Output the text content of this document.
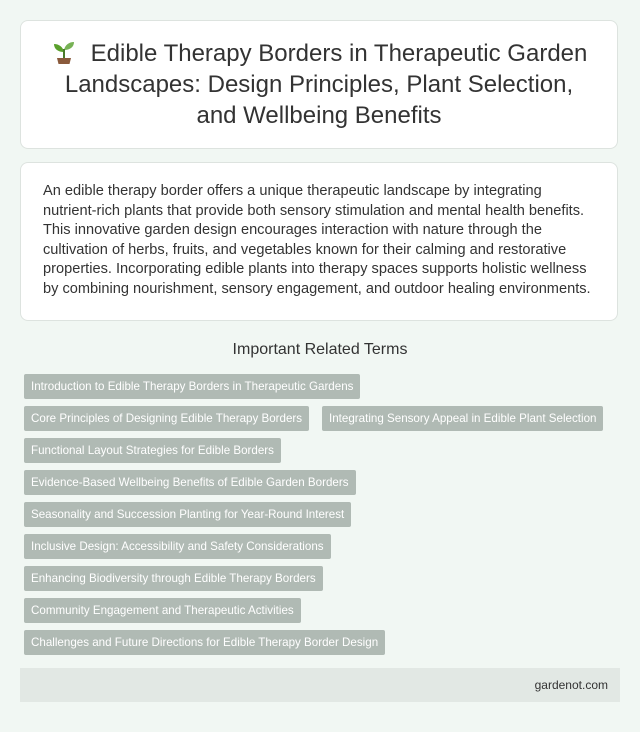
Edible Therapy Borders in Therapeutic Garden Landscapes: Design Principles, Plant Selection, and Wellbeing Benefits

An edible therapy border offers a unique therapeutic landscape by integrating nutrient-rich plants that provide both sensory stimulation and mental health benefits. This innovative garden design encourages interaction with nature through the cultivation of herbs, fruits, and vegetables known for their calming and restorative properties. Incorporating edible plants into therapy spaces supports holistic wellness by combining nourishment, sensory engagement, and outdoor healing environments.

Important Related Terms
Introduction to Edible Therapy Borders in Therapeutic Gardens
Core Principles of Designing Edible Therapy Borders	Integrating Sensory Appeal in Edible Plant Selection
Functional Layout Strategies for Edible Borders
Evidence-Based Wellbeing Benefits of Edible Garden Borders
Seasonality and Succession Planting for Year-Round Interest
Inclusive Design: Accessibility and Safety Considerations
Enhancing Biodiversity through Edible Therapy Borders
Community Engagement and Therapeutic Activities
Challenges and Future Directions for Edible Therapy Border Design
gardenot.com
